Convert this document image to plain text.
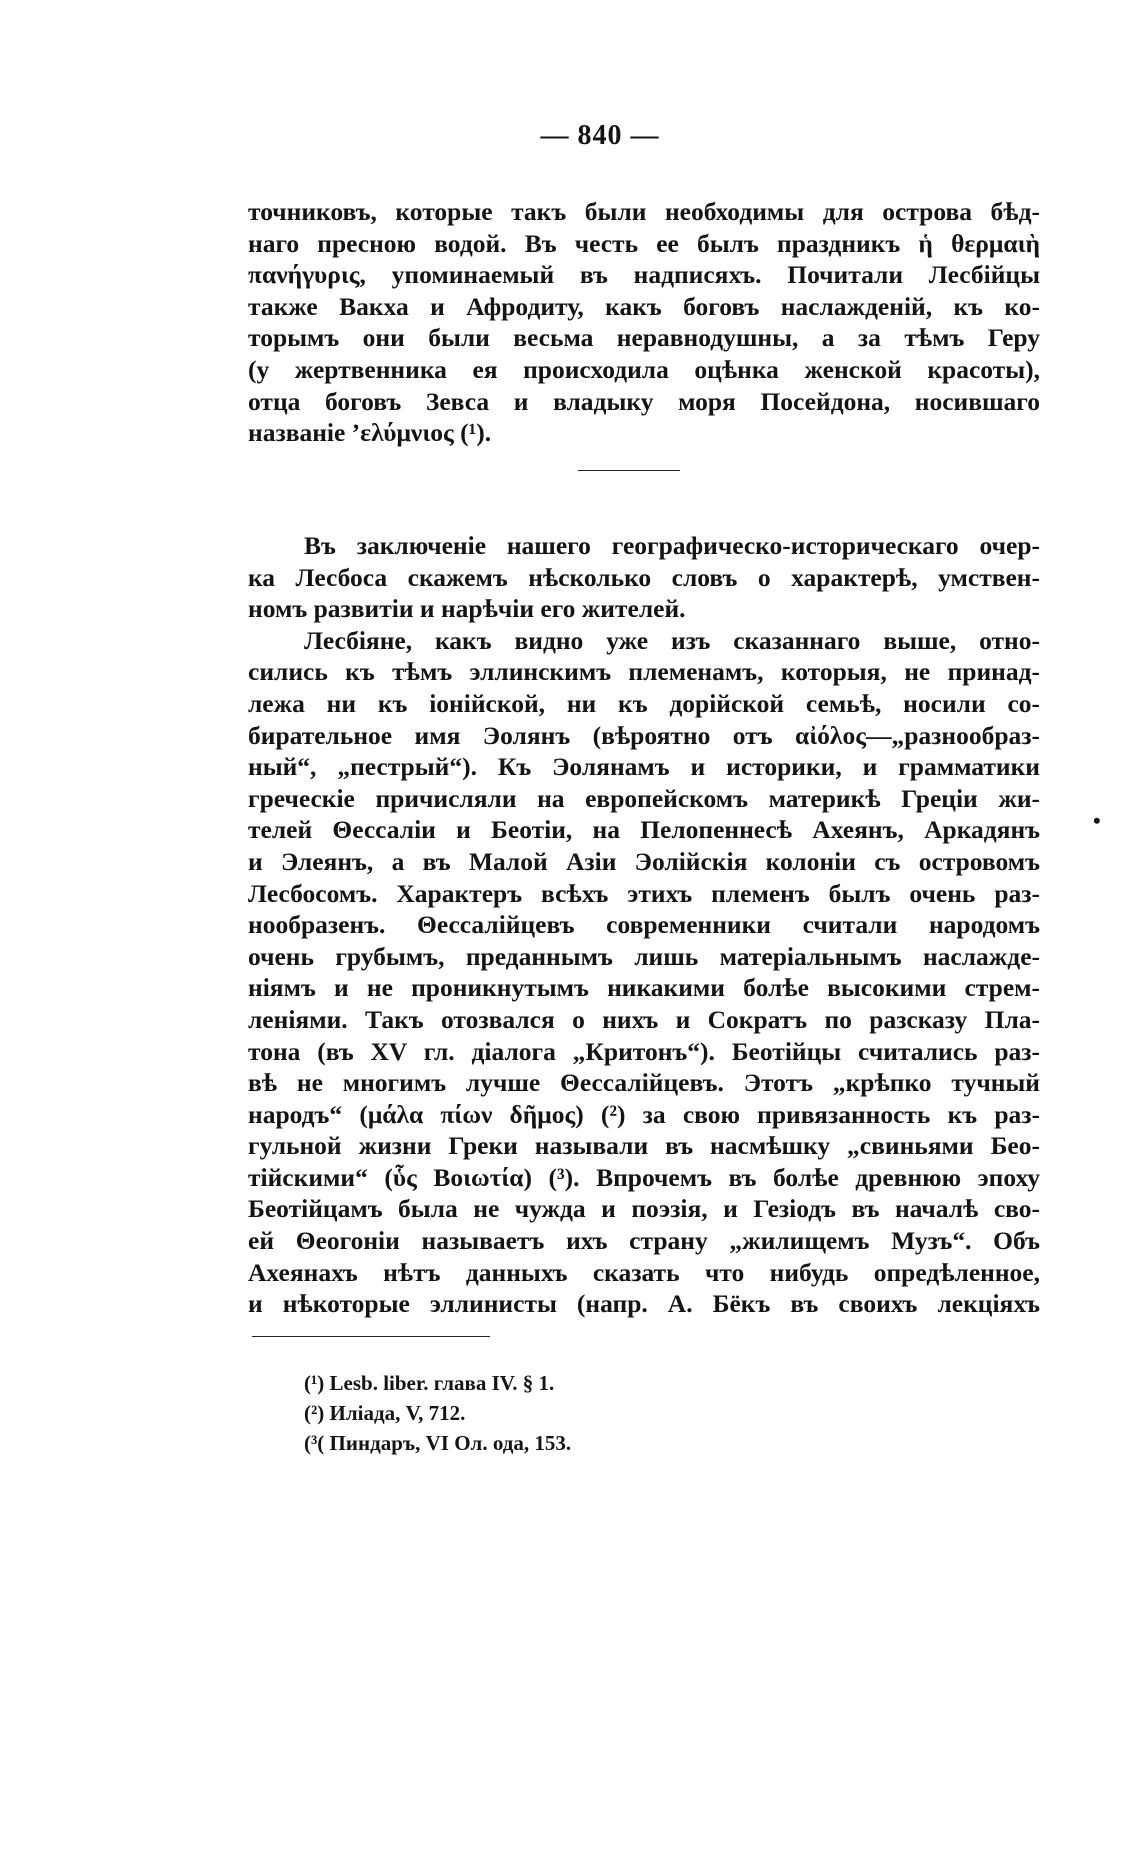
— 840 —
точниковъ, которые такъ были необходимы для острова бѣд-
наго пресною водой. Въ честь ее былъ праздникъ ἡ θερμαιὴ
πανήγυρις, упоминаемый въ надписяхъ. Почитали Лесбійцы
также Вакха и Афродиту, какъ боговъ наслажденій, къ ко-
торымъ они были весьма неравнодушны, а за тѣмъ Геру
(у жертвенника ея происходила оцѣнка женской красоты),
отца боговъ Зевса и владыку моря Посейдона, носившаго
названіе ’ελύμνιος (¹).
Въ заключеніе нашего географическо-историческаго очер-
ка Лесбоса скажемъ нѣсколько словъ о характерѣ, умствен-
номъ развитіи и нарѣчіи его жителей.
Лесбіяне, какъ видно уже изъ сказаннаго выше, отно-
сились къ тѣмъ эллинскимъ племенамъ, которыя, не принад-
лежа ни къ іонійской, ни къ дорійской семьѣ, носили со-
бирательное имя Эолянъ (вѣроятно отъ αἰόλος—„разнообраз-
ный“, „пестрый“). Къ Эолянамъ и историки, и грамматики
греческіе причисляли на европейскомъ материкѣ Греціи жи-
телей Θессаліи и Беотіи, на Пелопеннесѣ Ахеянъ, Аркадянъ
и Элеянъ, а въ Малой Азіи Эолійскія колоніи съ островомъ
Лесбосомъ. Характеръ всѣхъ этихъ племенъ былъ очень раз-
нообразенъ. Θессалійцевъ современники считали народомъ
очень грубымъ, преданнымъ лишь матеріальнымъ наслажде-
ніямъ и не проникнутымъ никакими болѣе высокими стрем-
леніями. Такъ отозвался о нихъ и Сократъ по разсказу Пла-
тона (въ XV гл. діалога „Критонъ“). Беотійцы считались раз-
вѣ не многимъ лучше Θессалійцевъ. Этотъ „крѣпко тучный
народъ“ (μάλα πίων δῆμος) (²) за свою привязанность къ раз-
гульной жизни Греки называли въ насмѣшку „свиньями Бео-
тійскими“ (ὗς Βοιωτία) (³). Впрочемъ въ болѣе древнюю эпоху
Беотійцамъ была не чужда и поэзія, и Гезіодъ въ началѣ сво-
ей Θеогоніи называетъ ихъ страну „жилищемъ Музъ“. Объ
Ахеянахъ нѣтъ данныхъ сказать что нибудь опредѣленное,
и нѣкоторые эллинисты (напр. А. Бёкъ въ своихъ лекціяхъ
•
(¹) Lesb. liber. глава IV. § 1.
(²) Иліада, V, 712.
(³( Пиндаръ, VI Ол. ода, 153.
